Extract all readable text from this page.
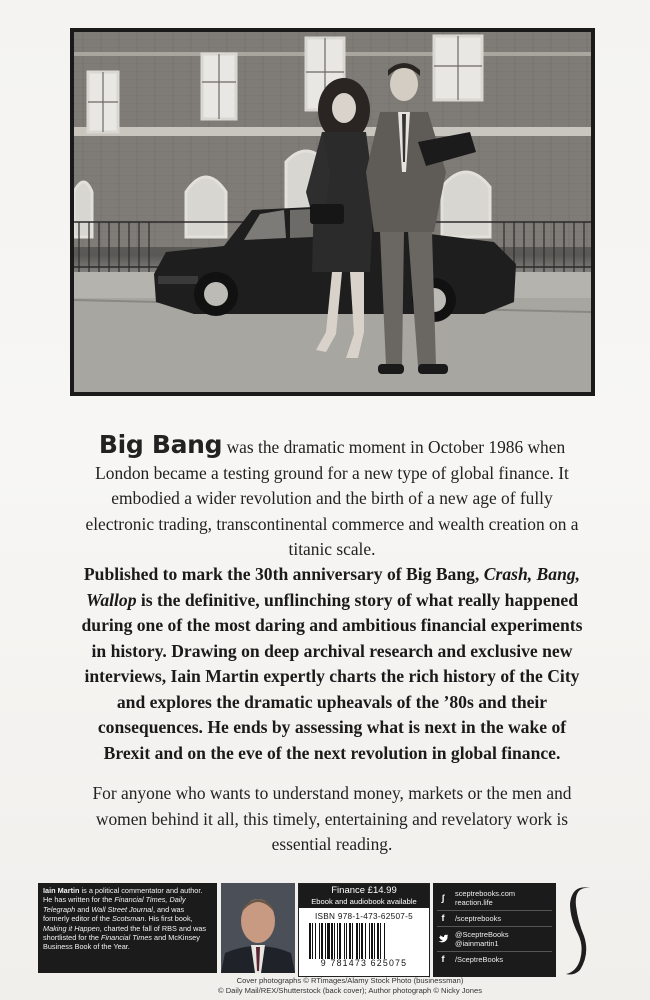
Big Bang was the dramatic moment in October 1986 when London became a testing ground for a new type of global finance. It embodied a wider revolution and the birth of a new age of fully electronic trading, transcontinental commerce and wealth creation on a titanic scale.
Published to mark the 30th anniversary of Big Bang, Crash, Bang, Wallop is the definitive, unflinching story of what really happened during one of the most daring and ambitious financial experiments in history. Drawing on deep archival research and exclusive new interviews, Iain Martin expertly charts the rich history of the City and explores the dramatic upheavals of the ’80s and their consequences. He ends by assessing what is next in the wake of Brexit and on the eve of the next revolution in global finance.
For anyone who wants to understand money, markets or the men and women behind it all, this timely, entertaining and revelatory work is essential reading.
Iain Martin is a political commentator and author. He has written for the Financial Times, Daily Telegraph and Wall Street Journal, and was formerly editor of the Scotsman. His first book, Making it Happen, charted the fall of RBS and was shortlisted for the Financial Times and McKinsey Business Book of the Year.
Finance £14.99
Ebook and audiobook available
ISBN 978-1-473-62507-5
9 781473 625075
ʃ	sceptrebooks.com
reaction.life
f	/sceptrebooks
@SceptreBooks
@iainmartin1
f	/SceptreBooks
Cover photographs © RTimages/Alamy Stock Photo (businessman)
© Daily Mail/REX/Shutterstock (back cover); Author photograph © Nicky Jones
